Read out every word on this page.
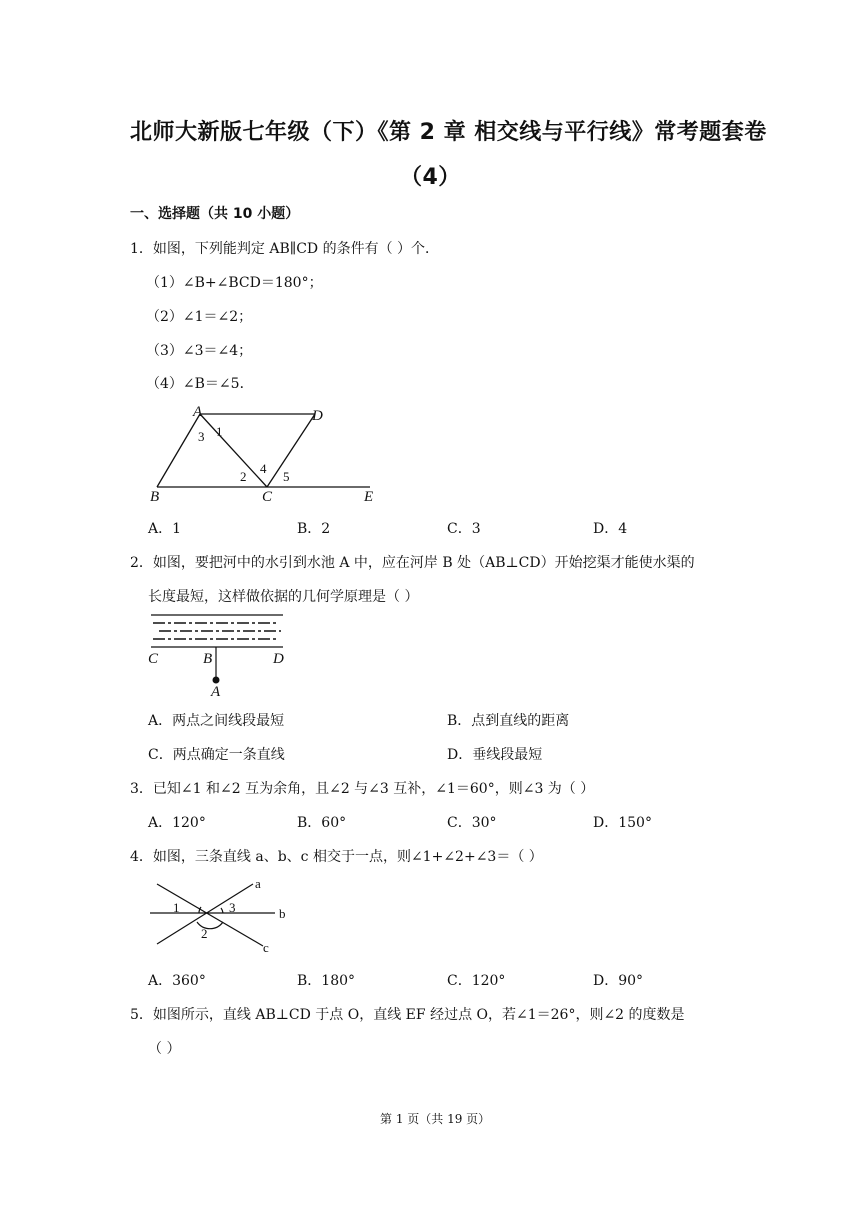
北师大新版七年级（下）《第 2 章 相交线与平行线》常考题套卷
（4）
一、选择题（共 10 小题）
1．如图，下列能判定 AB∥CD 的条件有（ ）个．
（1）∠B+∠BCD＝180°；
（2）∠1＝∠2；
（3）∠3＝∠4；
（4）∠B＝∠5．
A	D
B	C	E
1
2
3
4
5
A．1	B．2	C．3	D．4
2．如图，要把河中的水引到水池 A 中，应在河岸 B 处（AB⊥CD）开始挖渠才能使水渠的
长度最短，这样做依据的几何学原理是（ ）
C	B	D
A
A．两点之间线段最短	B．点到直线的距离
C．两点确定一条直线	D．垂线段最短
3．已知∠1 和∠2 互为余角，且∠2 与∠3 互补，∠1＝60°，则∠3 为（ ）
A．120°	B．60°	C．30°	D．150°
4．如图，三条直线 a、b、c 相交于一点，则∠1+∠2+∠3＝（ ）
a
b
c
1
2
3
A．360°	B．180°	C．120°	D．90°
5．如图所示，直线 AB⊥CD 于点 O，直线 EF 经过点 O，若∠1＝26°，则∠2 的度数是
（ ）
第 1 页（共 19 页）
